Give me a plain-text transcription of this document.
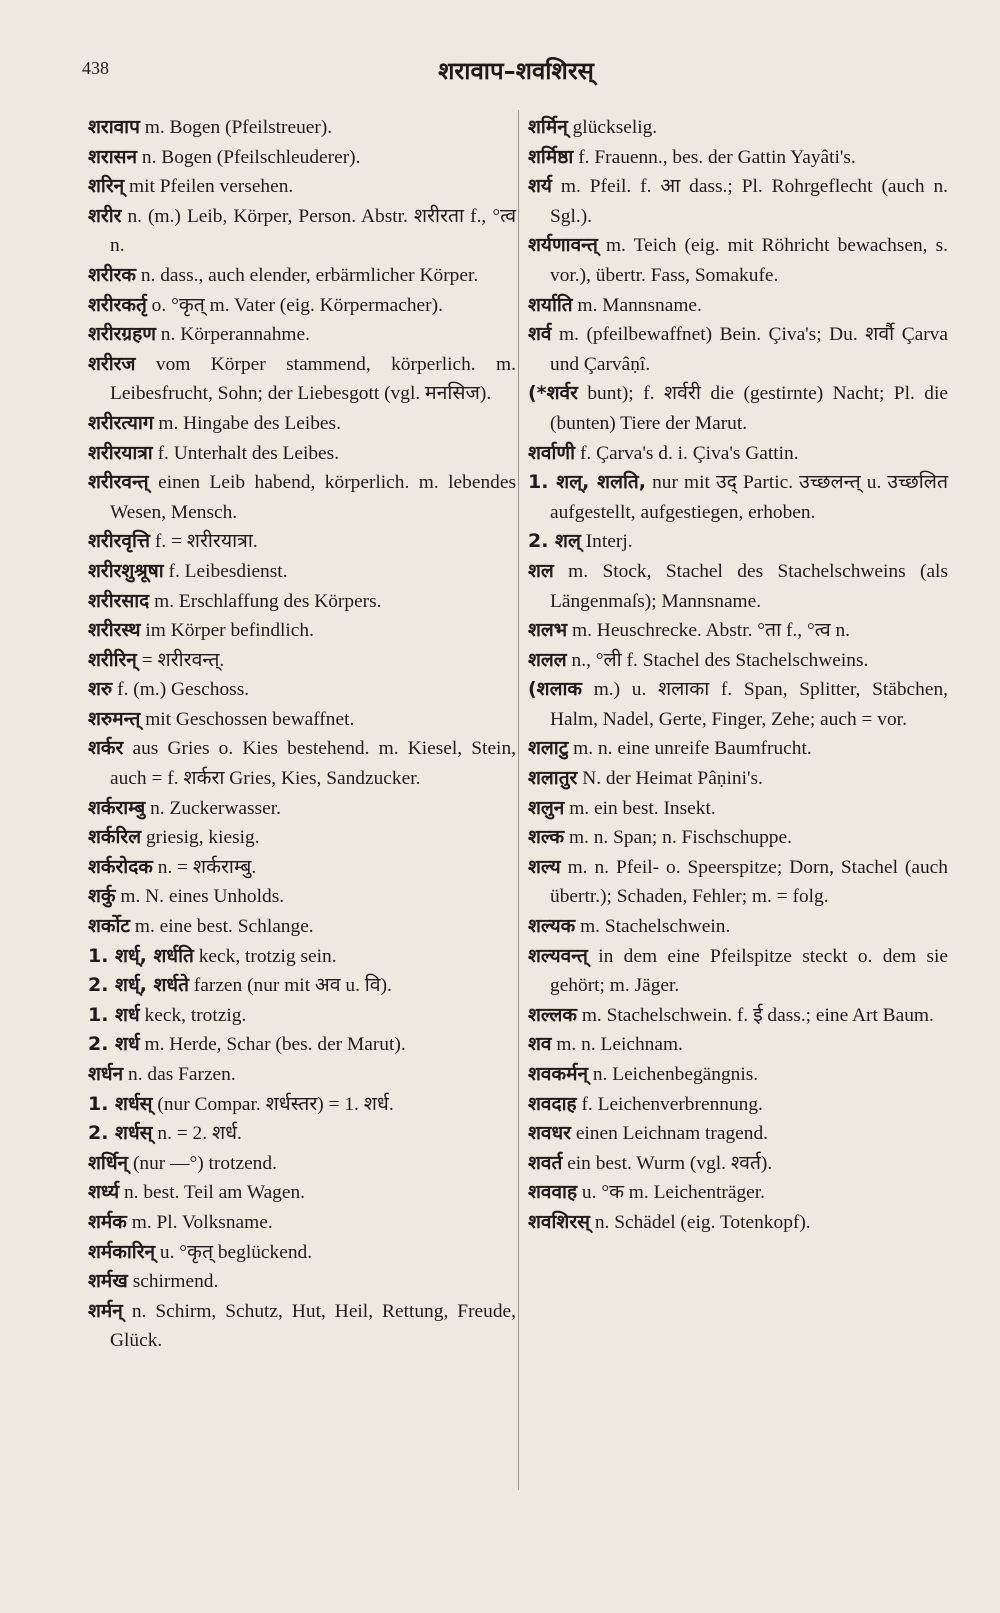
438	शरावाप–शवशिरस्
शरावाप m. Bogen (Pfeilstreuer).
शरासन n. Bogen (Pfeilschleuderer).
शरिन् mit Pfeilen versehen.
शरीर n. (m.) Leib, Körper, Person. Abstr. शरीरता f., °त्व n.
शरीरक n. dass., auch elender, erbärmlicher Körper.
शरीरकर्तृ o. °कृत् m. Vater (eig. Körpermacher).
शरीरग्रहण n. Körperannahme.
शरीरज vom Körper stammend, körperlich. m. Leibesfrucht, Sohn; der Liebesgott (vgl. मनसिज).
शरीरत्याग m. Hingabe des Leibes.
शरीरयात्रा f. Unterhalt des Leibes.
शरीरवन्त् einen Leib habend, körperlich. m. lebendes Wesen, Mensch.
शरीरवृत्ति f. = शरीरयात्रा.
शरीरशुश्रूषा f. Leibesdienst.
शरीरसाद m. Erschlaffung des Körpers.
शरीरस्थ im Körper befindlich.
शरीरिन् = शरीरवन्त्.
शरु f. (m.) Geschoss.
शरुमन्त् mit Geschossen bewaffnet.
शर्कर aus Gries o. Kies bestehend. m. Kiesel, Stein, auch = f. शर्करा Gries, Kies, Sandzucker.
शर्कराम्बु n. Zuckerwasser.
शर्करिल griesig, kiesig.
शर्करोदक n. = शर्कराम्बु.
शर्कु m. N. eines Unholds.
शर्कोट m. eine best. Schlange.
1. शर्ध्, शर्धति keck, trotzig sein.
2. शर्ध्, शर्धते farzen (nur mit अव u. वि).
1. शर्ध keck, trotzig.
2. शर्ध m. Herde, Schar (bes. der Marut).
शर्धन n. das Farzen.
1. शर्धस् (nur Compar. शर्धस्तर) = 1. शर्ध.
2. शर्धस् n. = 2. शर्ध.
शर्धिन् (nur —°) trotzend.
शर्ध्य n. best. Teil am Wagen.
शर्मक m. Pl. Volksname.
शर्मकारिन् u. °कृत् beglückend.
शर्मख schirmend.
शर्मन् n. Schirm, Schutz, Hut, Heil, Rettung, Freude, Glück.
शर्मिन् glückselig.
शर्मिष्ठा f. Frauenn., bes. der Gattin Yayâti's.
शर्य m. Pfeil. f. आ dass.; Pl. Rohrgeflecht (auch n. Sgl.).
शर्यणावन्त् m. Teich (eig. mit Röhricht bewachsen, s. vor.), übertr. Fass, Somakufe.
शर्याति m. Mannsname.
शर्व m. (pfeilbewaffnet) Bein. Çiva's; Du. शर्वौ Çarva und Çarvâṇî.
(*शर्वर bunt); f. शर्वरी die (gestirnte) Nacht; Pl. die (bunten) Tiere der Marut.
शर्वाणी f. Çarva's d. i. Çiva's Gattin.
1. शल्, शलति, nur mit उद् Partic. उच्छलन्त् u. उच्छलित aufgestellt, aufgestiegen, erhoben.
2. शल् Interj.
शल m. Stock, Stachel des Stachelschweins (als Längenmaſs); Mannsname.
शलभ m. Heuschrecke. Abstr. °ता f., °त्व n.
शलल n., °ली f. Stachel des Stachelschweins.
(शलाक m.) u. शलाका f. Span, Splitter, Stäbchen, Halm, Nadel, Gerte, Finger, Zehe; auch = vor.
शलाटु m. n. eine unreife Baumfrucht.
शलातुर N. der Heimat Pâṇini's.
शलुन m. ein best. Insekt.
शल्क m. n. Span; n. Fischschuppe.
शल्य m. n. Pfeil- o. Speerspitze; Dorn, Stachel (auch übertr.); Schaden, Fehler; m. = folg.
शल्यक m. Stachelschwein.
शल्यवन्त् in dem eine Pfeilspitze steckt o. dem sie gehört; m. Jäger.
शल्लक m. Stachelschwein. f. ई dass.; eine Art Baum.
शव m. n. Leichnam.
शवकर्मन् n. Leichenbegängnis.
शवदाह f. Leichenverbrennung.
शवधर einen Leichnam tragend.
शवर्त ein best. Wurm (vgl. श्वर्त).
शववाह u. °क m. Leichenträger.
शवशिरस् n. Schädel (eig. Totenkopf).
